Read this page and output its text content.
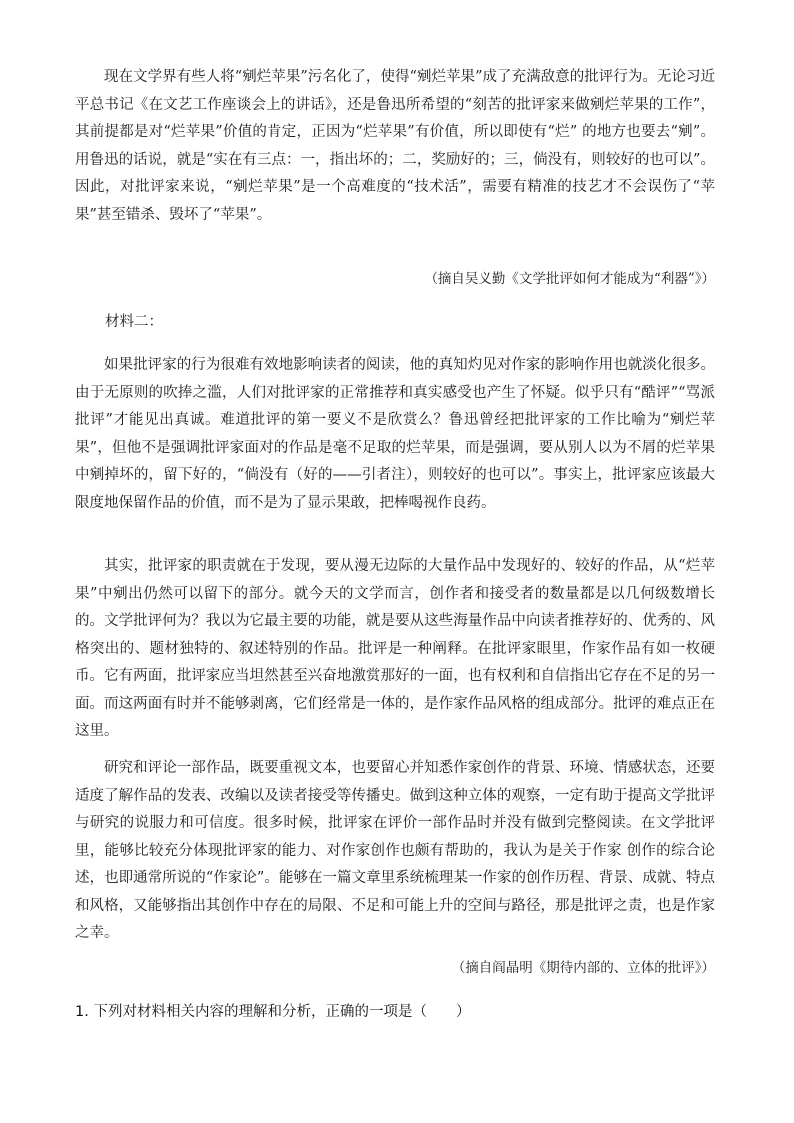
现在文学界有些人将“剜烂苹果”污名化了，使得“剜烂苹果”成了充满敌意的批评行为。无论习近平总书记《在文艺工作座谈会上的讲话》，还是鲁迅所希望的“刻苦的批评家来做剜烂苹果的工作”，其前提都是对“烂苹果”价值的肯定，正因为“烂苹果”有价值，所以即使有“烂” 的地方也要去“剜”。用鲁迅的话说，就是“实在有三点：一，指出坏的；二，奖励好的；三，倘没有，则较好的也可以”。因此，对批评家来说，“剜烂苹果”是一个高难度的“技术活”，需要有精准的技艺才不会误伤了“苹果”甚至错杀、毁坏了“苹果”。

（摘自吴义勤《文学批评如何才能成为“利器”》）

材料二：

如果批评家的行为很难有效地影响读者的阅读，他的真知灼见对作家的影响作用也就淡化很多。由于无原则的吹捧之滥，人们对批评家的正常推荐和真实感受也产生了怀疑。似乎只有“酷评”“骂派批评”才能见出真诚。难道批评的第一要义不是欣赏么？鲁迅曾经把批评家的工作比喻为“剜烂苹果”，但他不是强调批评家面对的作品是毫不足取的烂苹果，而是强调，要从别人以为不屑的烂苹果中剜掉坏的，留下好的，“倘没有（好的——引者注），则较好的也可以”。事实上，批评家应该最大限度地保留作品的价值，而不是为了显示果敢，把棒喝视作良药。

其实，批评家的职责就在于发现，要从漫无边际的大量作品中发现好的、较好的作品，从“烂苹果”中剜出仍然可以留下的部分。就今天的文学而言，创作者和接受者的数量都是以几何级数增长的。文学批评何为？我以为它最主要的功能，就是要从这些海量作品中向读者推荐好的、优秀的、风格突出的、题材独特的、叙述特别的作品。批评是一种阐释。在批评家眼里，作家作品有如一枚硬币。它有两面，批评家应当坦然甚至兴奋地激赏那好的一面，也有权利和自信指出它存在不足的另一面。而这两面有时并不能够剥离，它们经常是一体的，是作家作品风格的组成部分。批评的难点正在这里。

研究和评论一部作品，既要重视文本，也要留心并知悉作家创作的背景、环境、情感状态，还要适度了解作品的发表、改编以及读者接受等传播史。做到这种立体的观察，一定有助于提高文学批评与研究的说服力和可信度。很多时候，批评家在评价一部作品时并没有做到完整阅读。在文学批评里，能够比较充分体现批评家的能力、对作家创作也颇有帮助的，我认为是关于作家 创作的综合论述，也即通常所说的“作家论”。能够在一篇文章里系统梳理某一作家的创作历程、背景、成就、特点和风格，又能够指出其创作中存在的局限、不足和可能上升的空间与路径，那是批评之责，也是作家之幸。

（摘自阎晶明《期待内部的、立体的批评》）

1. 下列对材料相关内容的理解和分析，正确的一项是（　　）
